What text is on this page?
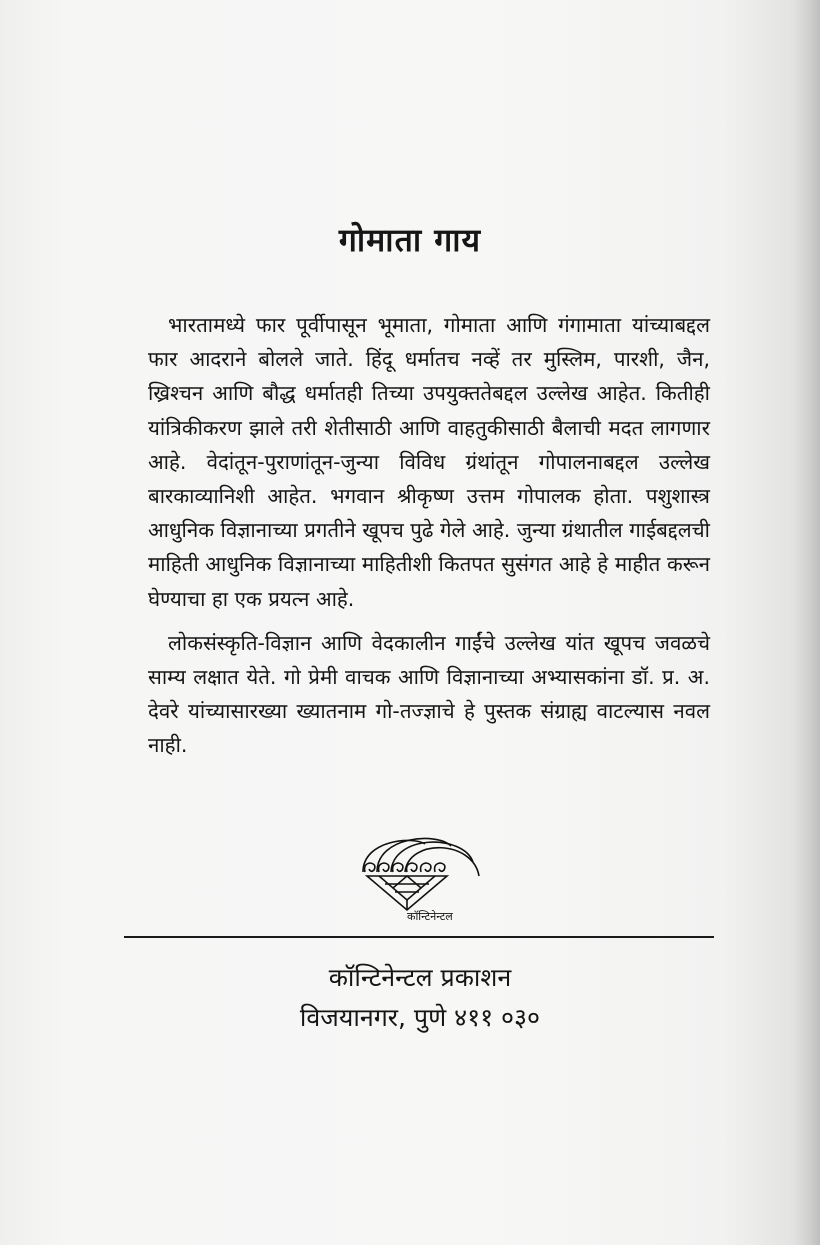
गोमाता गाय

भारतामध्ये फार पूर्वीपासून भूमाता, गोमाता आणि गंगामाता यांच्याबद्दल फार आदराने बोलले जाते. हिंदू धर्मातच नव्हें तर मुस्लिम, पारशी, जैन, ख्रिश्चन आणि बौद्ध धर्मातही तिच्या उपयुक्ततेबद्दल उल्लेख आहेत. कितीही यांत्रिकीकरण झाले तरी शेतीसाठी आणि वाहतुकीसाठी बैलाची मदत लागणार आहे. वेदांतून-पुराणांतून-जुन्या विविध ग्रंथांतून गोपालनाबद्दल उल्लेख बारकाव्यानिशी आहेत. भगवान श्रीकृष्ण उत्तम गोपालक होता. पशुशास्त्र आधुनिक विज्ञानाच्या प्रगतीने खूपच पुढे गेले आहे. जुन्या ग्रंथातील गाईबद्दलची माहिती आधुनिक विज्ञानाच्या माहितीशी कितपत सुसंगत आहे हे माहीत करून घेण्याचा हा एक प्रयत्न आहे.

लोकसंस्कृति-विज्ञान आणि वेदकालीन गाईंचे उल्लेख यांत खूपच जवळचे साम्य लक्षात येते. गो प्रेमी वाचक आणि विज्ञानाच्या अभ्यासकांना डॉ. प्र. अ. देवरे यांच्यासारख्या ख्यातनाम गो-तज्ज्ञाचे हे पुस्तक संग्राह्य वाटल्यास नवल नाही.

कॉन्टिनेन्टल
कॉन्टिनेन्टल प्रकाशन
विजयानगर, पुणे ४११ ०३०
